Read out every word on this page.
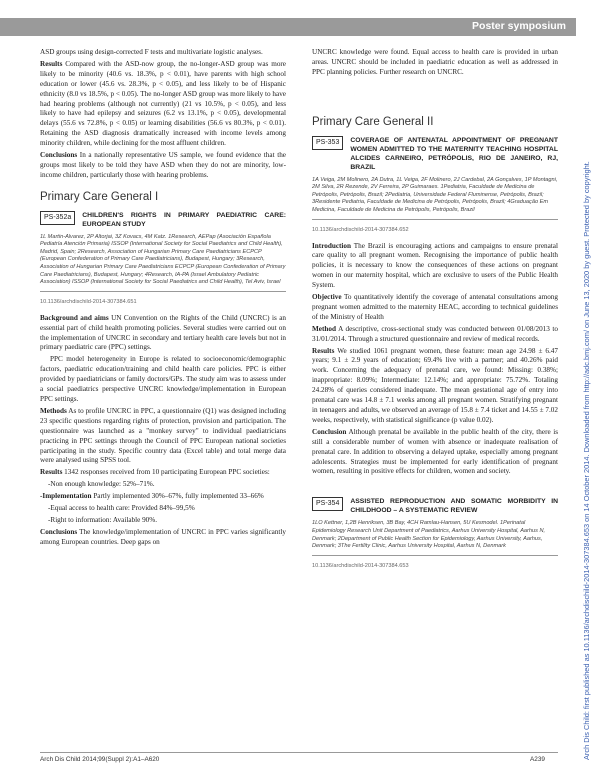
Poster symposium
Arch Dis Child: first published as 10.1136/archdischild-2014-307384.653 on 14 October 2014. Downloaded from http://adc.bmj.com/ on June 13, 2020 by guest. Protected by copyright.

ASD groups using design-corrected F tests and multivariate logistic analyses.

Results Compared with the ASD-now group, the no-longer-ASD group was more likely to be minority (40.6 vs. 18.3%, p < 0.01), have parents with high school education or lower (45.6 vs. 28.3%, p < 0.05), and less likely to be of Hispanic ethnicity (8.0 vs 18.5%, p < 0.05). The no-longer ASD group was more likely to have had hearing problems (although not currently) (21 vs 10.5%, p < 0.05), and less likely to have had epilepsy and seizures (6.2 vs 13.1%, p < 0.05), developmental delays (55.6 vs 72.8%, p < 0.05) or learning disabilities (56.6 vs 80.3%, p < 0.01). Retaining the ASD diagnosis dramatically increased with income levels among minority children, while declining for the most affluent children.

Conclusions In a nationally representative US sample, we found evidence that the groups most likely to be told they have ASD when they do not are minority, low-income children, particularly those with hearing problems.

Primary Care General I
PS-352a	CHILDREN'S RIGHTS IN PRIMARY PAEDIATRIC CARE: EUROPEAN STUDY
1L Martin-Alvarez, 2P Altorjai, 3Z Kovacs, 4M Katz. 1Research, AEPap (Asociación Española Pediatría Atención Primaria) ISSOP (International Society for Social Paediatrics and Child Health), Madrid, Spain; 2Research, Association of Hungarian Primary Care Paediatricians ECPCP (European Confederation of Primary Care Paediatricians), Budapest, Hungary; 3Research, Association of Hungarian Primary Care Paediatricians ECPCP (European Confederation of Primary Care Paediatricians), Budapest, Hungary; 4Research, IA-PA (Israel Ambulatory Pediatric Association) ISSOP (International Society for Social Paediatrics and Child Health), Tel Aviv, Israel
10.1136/archdischild-2014-307384.651

Background and aims UN Convention on the Rights of the Child (UNCRC) is an essential part of child health promoting policies. Several studies were carried out on the implementation of UNCRC in secondary and tertiary health care levels but not in primary paediatric care (PPC) settings.

PPC model heterogeneity in Europe is related to socioeconomic/demographic factors, paediatric education/training and child health care policies. PPC is either provided by paediatricians or family doctors/GPs. The study aim was to assess under a social paediatrics perspective UNCRC knowledge/implementation in European PPC settings.

Methods As to profile UNCRC in PPC, a questionnaire (Q1) was designed including 23 specific questions regarding rights of protection, provision and participation. The questionnaire was launched as a "monkey survey" to individual paediatricians practicing in PPC settings through the Council of PPC European national societies participating in the study. Specific country data (Excel table) and total merge data were analysed using SPSS tool.

Results 1342 responses received from 10 participating European PPC societies:

-Non enough knowledge: 52%–71%.

-Implementation Partly implemented 30%–67%, fully implemented 33–66%

-Equal access to health care: Provided 84%–99,5%

-Right to information: Available 90%.

Conclusions The knowledge/implementation of UNCRC in PPC varies significantly among European countries. Deep gaps on

UNCRC knowledge were found. Equal access to health care is provided in urban areas. UNCRC should be included in paediatric education as well as addressed in PPC planning policies. Further research on UNCRC.

Primary Care General II
PS-353	COVERAGE OF ANTENATAL APPOINTMENT OF PREGNANT WOMEN ADMITTED TO THE MATERNITY TEACHING HOSPITAL ALCIDES CARNEIRO, PETRÓPOLIS, RIO DE JANEIRO, RJ, BRAZIL
1A Veiga, 2M Molinero, 2A Dutra, 1L Veiga, 2F Molinero, 2J Cardebal, 2A Gonçalves, 1P Montagni, 2M Silva, 2R Rezende, 2V Ferreira, 2P Guimaraes. 1Pediatria, Faculdade de Medicina de Petrópolis, Petrópolis, Brazil; 2Pediatria, Universidade Federal Fluminense, Petrópolis, Brazil; 3Residente Pediatria, Faculdade de Medicina de Petrópolis, Petrópolis, Brazil; 4Graduação Em Medicina, Faculdade de Medicina de Petrópolis, Petrópolis, Brazil
10.1136/archdischild-2014-307384.652

Introduction The Brazil is encouraging actions and campaigns to ensure prenatal care quality to all pregnant women. Recognising the importance of public health policies, it is necessary to know the consequences of these actions on pregnant women in our maternity hospital, which are exclusive to users of the Public Health System.

Objective To quantitatively identify the coverage of antenatal consultations among pregnant women admitted to the maternity HEAC, according to technical guidelines of the Ministry of Health

Method A descriptive, cross-sectional study was conducted between 01/08/2013 to 31/01/2014. Through a structured questionnaire and review of medical records.

Results We studied 1061 pregnant women, these feature: mean age 24.98 ± 6.47 years; 9.1 ± 2.9 years of education; 69.4% live with a partner; and 40.26% paid work. Concerning the adequacy of prenatal care, we found: Missing: 0.38%; inappropriate: 8.09%; Intermediate: 12.14%; and appropriate: 75.72%. Totaling 24.28% of queries considered inadequate. The mean gestational age of entry into prenatal care was 14.8 ± 7.1 weeks among all pregnant women. Stratifying pregnant in teenagers and adults, we observed an average of 15.8 ± 7.4 ticket and 14.55 ± 7.02 weeks, respectively, with statistical significance (p value 0.02).

Conclusion Although prenatal be available in the public health of the city, there is still a considerable number of women with absence or inadequate realisation of prenatal care. In addition to observing a delayed uptake, especially among pregnant adolescents. Strategies must be implemented for early identification of pregnant women, resulting in positive effects for children, women and society.

PS-354	ASSISTED REPRODUCTION AND SOMATIC MORBIDITY IN CHILDHOOD – A SYSTEMATIC REVIEW
1LO Kettner, 1,2B Henriksen, 3B Bay, 4CH Ramlau-Hansen, 5U Kesmodel. 1Perinatal Epidemiology Research Unit Department of Paediatrics, Aarhus University Hospital, Aarhus N, Denmark; 2Department of Public Health Section for Epidemiology, Aarhus University, Aarhus, Denmark; 3The Fertility Clinic, Aarhus University Hospital, Aarhus N, Denmark
10.1136/archdischild-2014-307384.653
Arch Dis Child 2014;99(Suppl 2):A1–A620	A239
